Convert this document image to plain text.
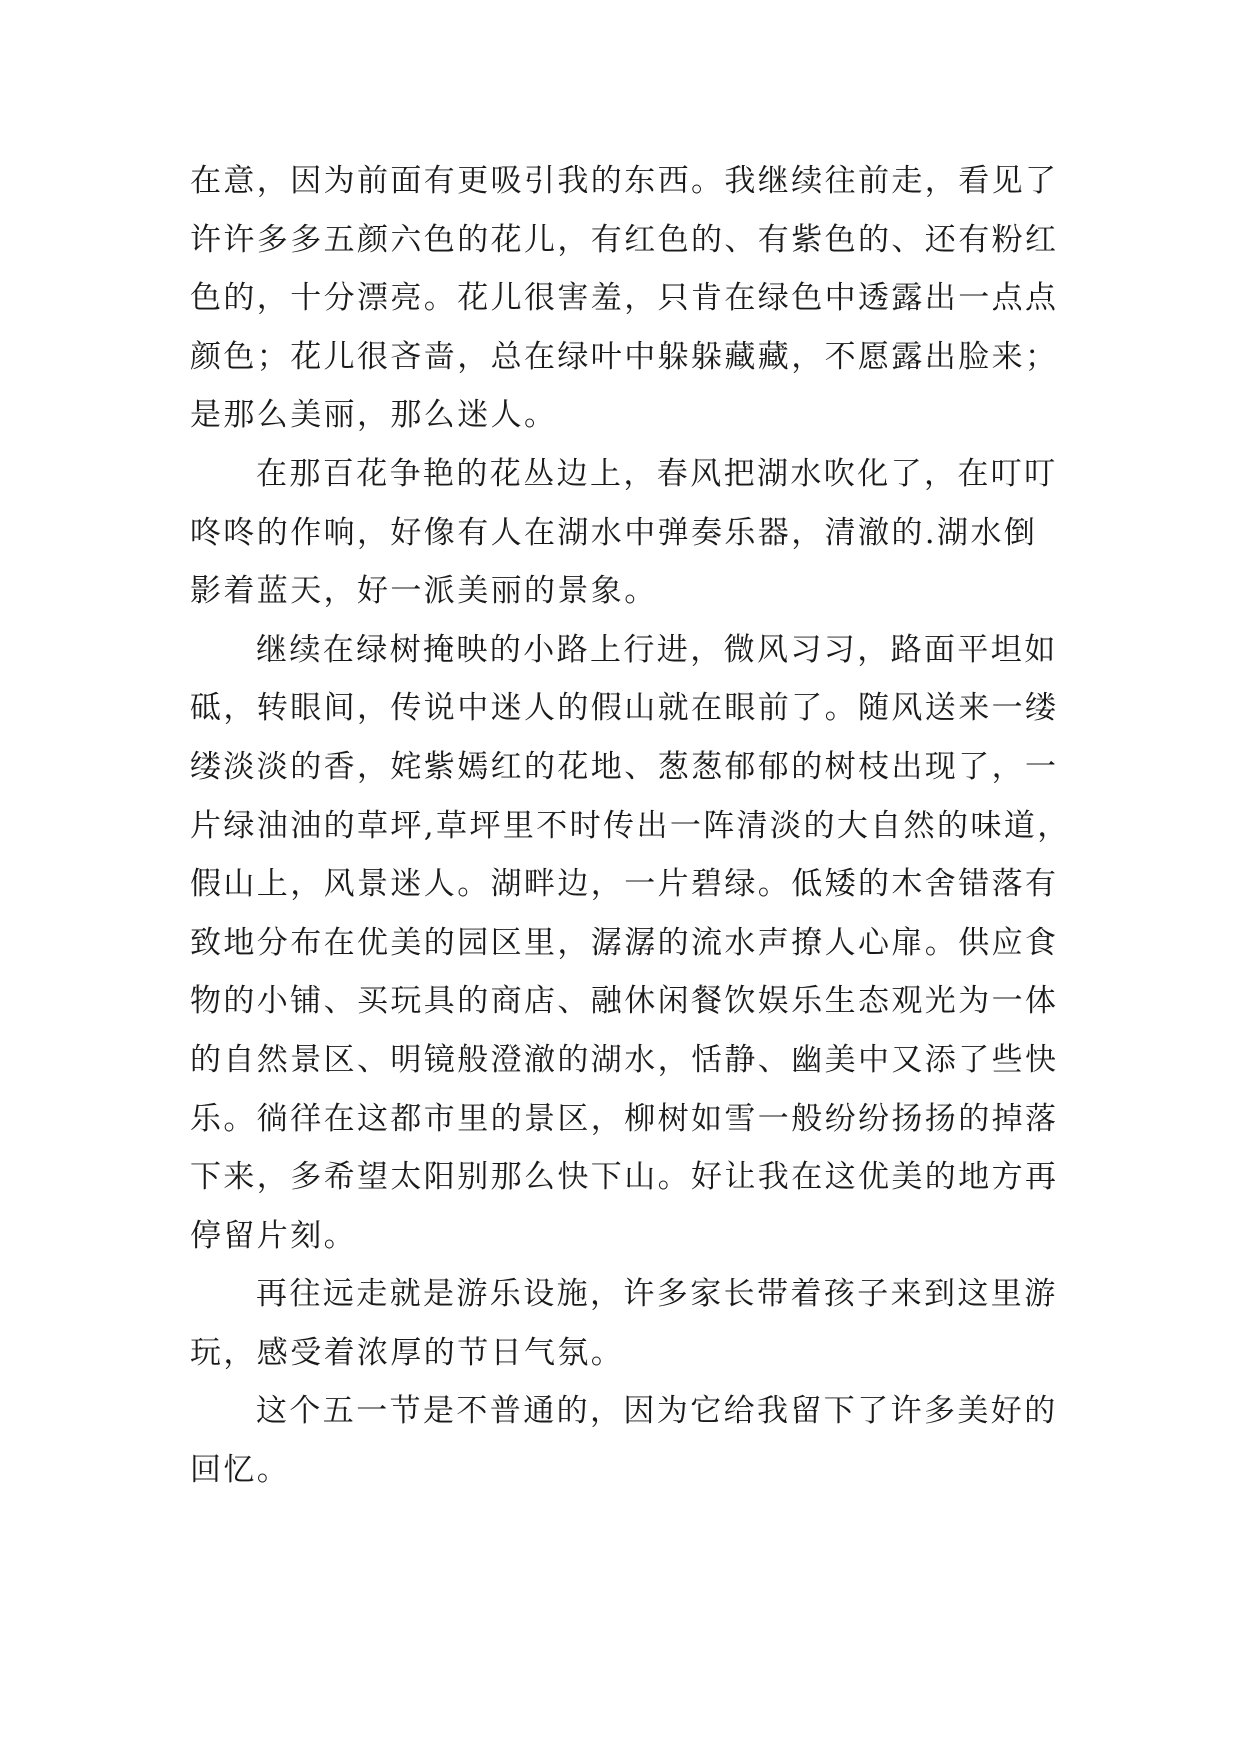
在意，因为前面有更吸引我的东西。我继续往前走，看见了
许许多多五颜六色的花儿，有红色的、有紫色的、还有粉红
色的，十分漂亮。花儿很害羞，只肯在绿色中透露出一点点
颜色；花儿很吝啬，总在绿叶中躲躲藏藏，不愿露出脸来；
是那么美丽，那么迷人。
在那百花争艳的花丛边上，春风把湖水吹化了，在叮叮
咚咚的作响，好像有人在湖水中弹奏乐器，清澈的.湖水倒
影着蓝天，好一派美丽的景象。
继续在绿树掩映的小路上行进，微风习习，路面平坦如
砥，转眼间，传说中迷人的假山就在眼前了。随风送来一缕
缕淡淡的香，姹紫嫣红的花地、葱葱郁郁的树枝出现了，一
片绿油油的草坪,草坪里不时传出一阵清淡的大自然的味道，
假山上，风景迷人。湖畔边，一片碧绿。低矮的木舍错落有
致地分布在优美的园区里，潺潺的流水声撩人心扉。供应食
物的小铺、买玩具的商店、融休闲餐饮娱乐生态观光为一体
的自然景区、明镜般澄澈的湖水，恬静、幽美中又添了些快
乐。徜徉在这都市里的景区，柳树如雪一般纷纷扬扬的掉落
下来，多希望太阳别那么快下山。好让我在这优美的地方再
停留片刻。
再往远走就是游乐设施，许多家长带着孩子来到这里游
玩，感受着浓厚的节日气氛。
这个五一节是不普通的，因为它给我留下了许多美好的
回忆。
